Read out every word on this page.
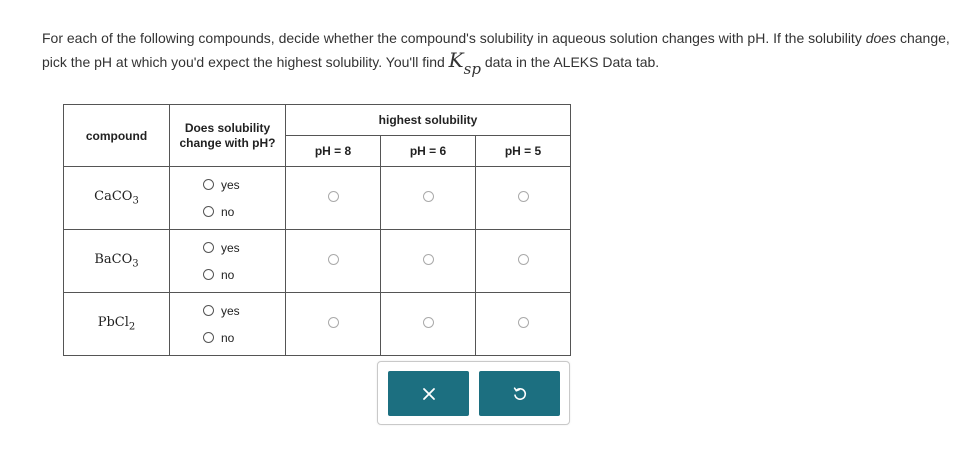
For each of the following compounds, decide whether the compound's solubility in aqueous solution changes with pH. If the solubility does change, pick the pH at which you'd expect the highest solubility. You'll find $K_{sp}$ data in the ALEKS Data tab.
compound	Does solubility change with pH?	highest solubility		
		pH = 8	pH = 6	pH = 5
CaCO$_3$	yes
no			

BaCO$_3$	yes
no			

PbCl$_2$	yes
no			
